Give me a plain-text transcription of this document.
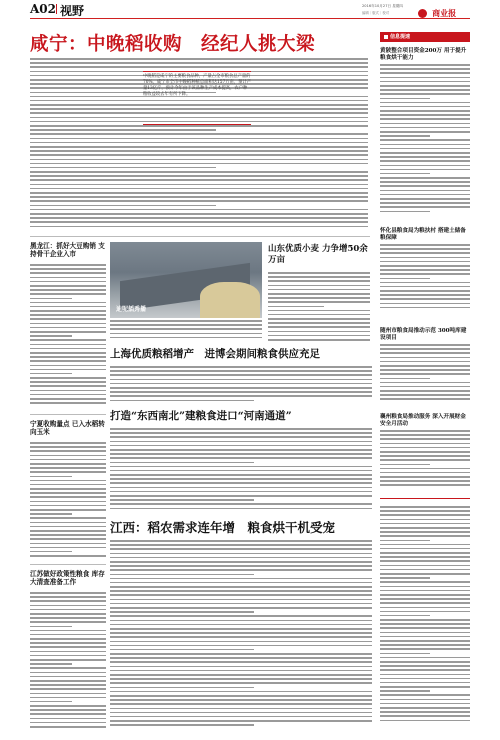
A02 视野	2016年10月27日 星期四
编辑｜版式｜校对	商业报
咸宁：中晚稻收购　经纪人挑大梁
中晚稻是咸宁的主要粮食品种，产量占全市粮食总产量的70%，咸宁市全市中晚稻种植总面积达157万亩，预计产量13亿斤，预计今年由于该品种生产成本提高，农户种粮收益较去年有所下降。
信息提速
黄陂整合项目资金200万 用于提升粮食烘干能力
怀化县粮食局为粮扶村 搭建土储备粮保障
随州市粮食局推动示范 300吨库建设项目
襄州粮食局推动服务 深入开展财金安全月活动
黑龙江：抓好大豆购销 支持骨干企业入市
宁夏收购量点 已入水稻转向玉米
江苏做好政策性粮食 库存大清查准备工作
迪呢插秀播
山东优质小麦 力争增50余万亩
上海优质粮稻增产　进博会期间粮食供应充足
打造“东西南北”建粮食进口“河南通道”
江西：稻农需求连年增　粮食烘干机受宠
